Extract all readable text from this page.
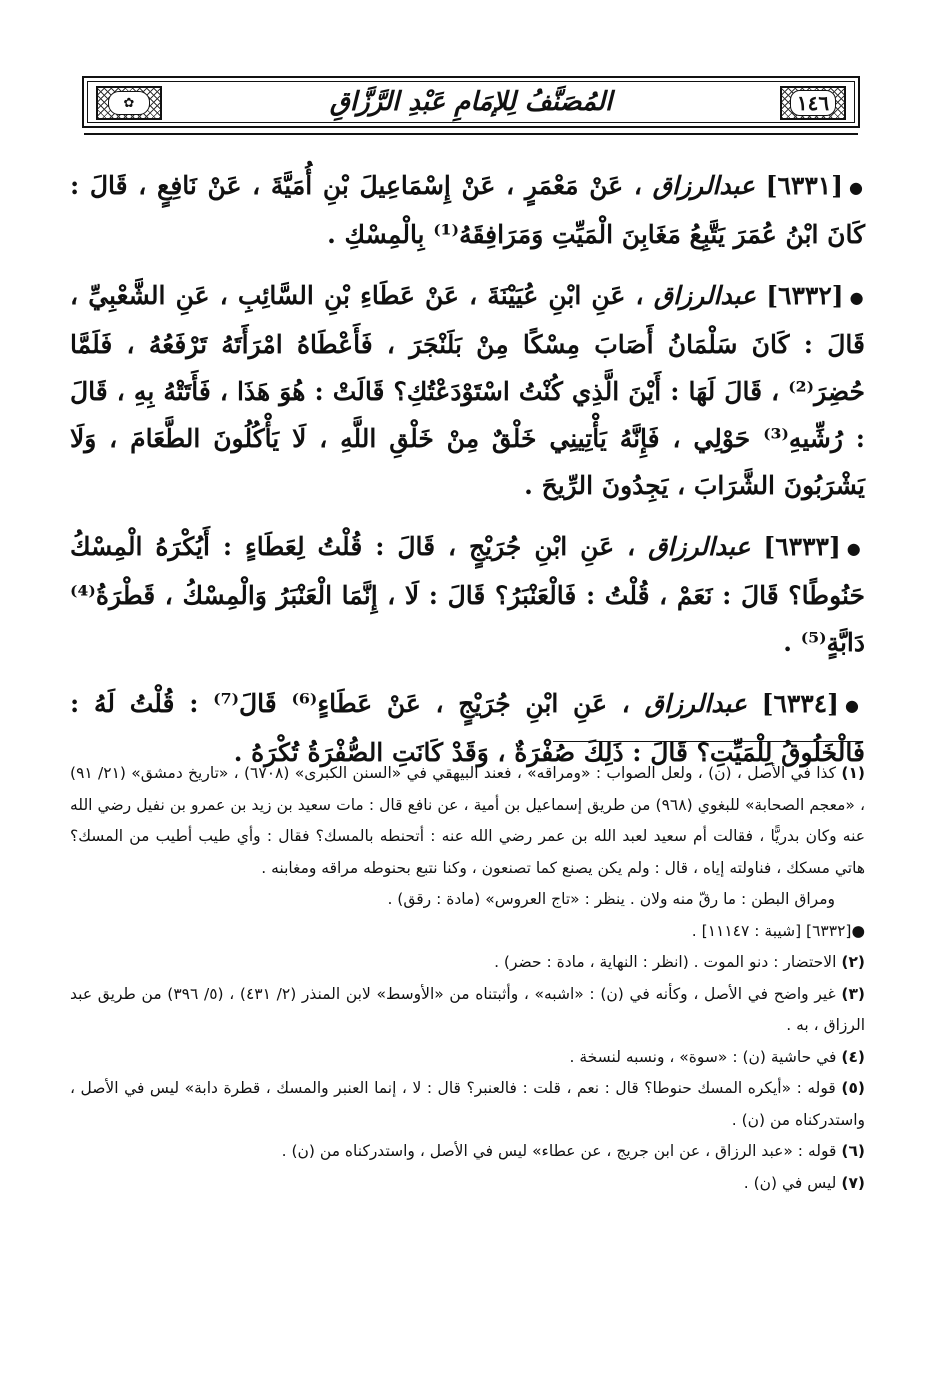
✿	المُصَنَّفُ لِلإمَامِ عَبْدِ الرَّزَّاقِ	١٤٦

●[٦٣٣١] عبدالرزاق ، عَنْ مَعْمَرٍ ، عَنْ إِسْمَاعِيلَ بْنِ أُمَيَّةَ ، عَنْ نَافِعٍ ، قَالَ : كَانَ ابْنُ عُمَرَ يَتَّبِعُ مَغَابِنَ الْمَيِّتِ وَمَرَافِقَهُ⁽¹⁾ بِالْمِسْكِ .

●[٦٣٣٢] عبدالرزاق ، عَنِ ابْنِ عُيَيْنَةَ ، عَنْ عَطَاءِ بْنِ السَّائِبِ ، عَنِ الشَّعْبِيِّ ، قَالَ : كَانَ سَلْمَانُ أَصَابَ مِسْكًا مِنْ بَلَنْجَرَ ، فَأَعْطَاهُ امْرَأَتَهُ تَرْفَعُهُ ، فَلَمَّا حُضِرَ⁽²⁾ ، قَالَ لَهَا : أَيْنَ الَّذِي كُنْتُ اسْتَوْدَعْتُكِ؟ قَالَتْ : هُوَ هَذَا ، فَأَتَتْهُ بِهِ ، قَالَ : رُشِّيهِ⁽³⁾ حَوْلِي ، فَإِنَّهُ يَأْتِينِي خَلْقٌ مِنْ خَلْقِ اللَّهِ ، لَا يَأْكُلُونَ الطَّعَامَ ، وَلَا يَشْرَبُونَ الشَّرَابَ ، يَجِدُونَ الرِّيحَ .

●[٦٣٣٣] عبدالرزاق ، عَنِ ابْنِ جُرَيْجٍ ، قَالَ : قُلْتُ لِعَطَاءٍ : أَيُكْرَهُ الْمِسْكُ حَنُوطًا؟ قَالَ : نَعَمْ ، قُلْتُ : فَالْعَنْبَرُ؟ قَالَ : لَا ، إِنَّمَا الْعَنْبَرُ وَالْمِسْكُ ، قَطْرَةُ⁽⁴⁾ دَابَّةٍ⁽⁵⁾ .

●[٦٣٣٤] عبدالرزاق ، عَنِ ابْنِ جُرَيْجٍ ، عَنْ عَطَاءٍ⁽⁶⁾ قَالَ⁽⁷⁾ : قُلْتُ لَهُ : فَالْخَلُوقُ لِلْمَيِّتِ؟ قَالَ : ذَلِكَ صُفْرَةٌ ، وَقَدْ كَانَتِ الصُّفْرَةُ تُكْرَهُ .

(١) كذا في الأصل ، (ن) ، ولعل الصواب : «ومراقه» ، فعند البيهقي في «السنن الكبرى» (٦٧٠٨) ، «تاريخ دمشق» (٢١/ ٩١) ، «معجم الصحابة» للبغوي (٩٦٨) من طريق إسماعيل بن أمية ، عن نافع قال : مات سعيد بن زيد بن عمرو بن نفيل رضي الله عنه وكان بدريًّا ، فقالت أم سعيد لعبد الله بن عمر رضي الله عنه : أتحنطه بالمسك؟ فقال : وأي طيب أطيب من المسك؟ هاتي مسكك ، فناولته إياه ، قال : ولم يكن يصنع كما تصنعون ، وكنا نتبع بحنوطه مراقه ومغابنه .

ومراق البطن : ما رقّ منه ولان . ينظر : «تاج العروس» (مادة : رقق) .

●[٦٣٣٢] [شيبة : ١١١٤٧] .

(٢) الاحتضار : دنو الموت . (انظر : النهاية ، مادة : حضر) .

(٣) غير واضح في الأصل ، وكأنه في (ن) : «اشبه» ، وأثبتناه من «الأوسط» لابن المنذر (٢/ ٤٣١) ، (٥/ ٣٩٦) من طريق عبد الرزاق ، به .

(٤) في حاشية (ن) : «سوة» ، ونسبه لنسخة .

(٥) قوله : «أيكره المسك حنوطا؟ قال : نعم ، قلت : فالعنبر؟ قال : لا ، إنما العنبر والمسك ، قطرة دابة» ليس في الأصل ، واستدركناه من (ن) .

(٦) قوله : «عبد الرزاق ، عن ابن جريج ، عن عطاء» ليس في الأصل ، واستدركناه من (ن) .

(٧) ليس في (ن) .
